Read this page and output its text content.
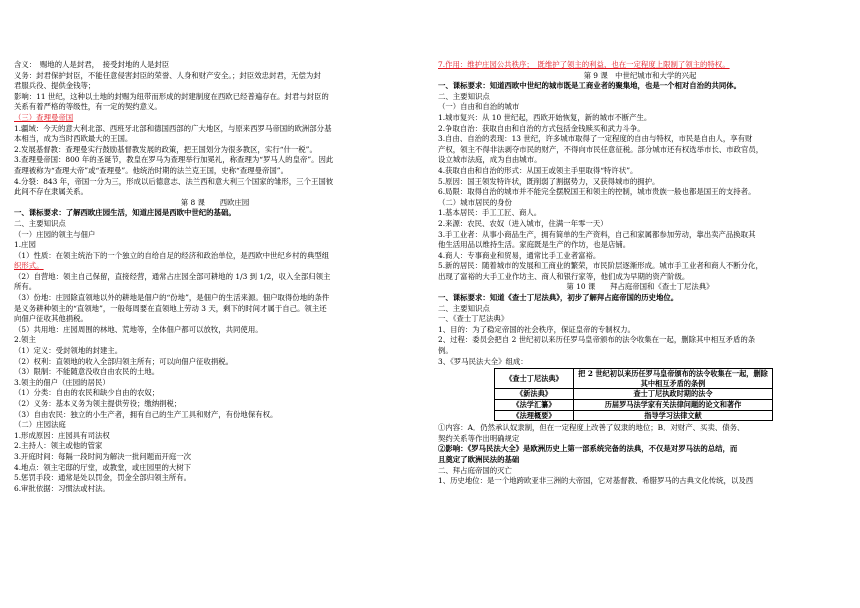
含义：　赐地的人是封君，　接受封地的人是封臣
义务：封君保护封臣，不能任意侵害封臣的荣誉、人身和财产安全。；封臣效忠封君，无偿为封
君服兵役、提供金钱等；
影响：11 世纪，这种以土地的封赐为纽带而形成的封建制度在西欧已经普遍存在。封君与封臣的
关系有着严格的等级性，有一定的契约意义。
（三）查理曼帝国
1.疆域：今天的意大利北部、西班牙北部和德国西部的广大地区，与原来西罗马帝国的欧洲部分基
本相当，成为当时西欧最大的王国。
2.发展基督教：查理曼实行鼓励基督教发展的政策，把王国划分为很多教区，实行“什一税”。
3.查理曼帝国：800 年的圣诞节，教皇在罗马为查理举行加冕礼，称查理为“罗马人的皇帝”。因此
查理被称为“查理大帝”或“查理曼”。他统治时期的法兰克王国，史称“查理曼帝国”。
4.分裂：843 年，帝国一分为三，形成以后德意志、法兰西和意大利三个国家的雏形，三个王国彼
此间不存在隶属关系。
第 8 课　　西欧庄园
一、课标要求：了解西欧庄园生活，知道庄园是西欧中世纪的基础。
二、主要知识点
（一）庄园的领主与佃户
1.庄园
（1）性质：在领主统治下的一个独立的自给自足的经济和政治单位，是西欧中世纪乡村的典型组
织形式。
（2）自营地：领主自己保留，直接经营，通常占庄园全部可耕地的 1/3 到 1/2，収入全部归领主
所有。
（3）份地：庄园除直领地以外的耕地是佃户的“份地”，是佃户的生活来源。佃户取得份地的条件
是义务耕种领主的“直领地”，一般每周要在直领地上劳动 3 天，剩下的时间才属于自己。领主还
向佃户征收其他捐税。
（5）共用地：庄园周围的林地、荒地等，全体佃户都可以放牧，共同使用。
2.领主
（1）定义：受封领地的封建主。
（2）权利：直领地的收入全部归领主所有；可以向佃户征收捐税。
（3）限制：不能随意没收自由农民的土地。
3.领主的佃户（庄园的居民）
（1）分类：自由的农民和缺少自由的农奴；
（2）义务：基本义务为领主提供劳役；缴纳捐税；
（3）自由农民：独立的小生产者，拥有自己的生产工具和财产，有份地保有权。
（二）庄园法庭
1.形成原因：庄园具有司法权
2.主持人：领主或他的管家
3.开庭时间：每隔一段时间为解决一批问题而开庭一次
4.地点：领主宅邸的厅堂，或教堂，或庄园里的大树下
5.惩罚手段：通常是处以罚金，罚金全部归领主所有。
6.审批依据：习惯法或村法。
7.作用：维护庄园公共秩序；　既维护了领主的利益，也在一定程度上限制了领主的特权。
第 9 课　中世纪城市和大学的兴起
一、课标要求：知道西欧中世纪的城市既是工商业者的聚集地，也是一个相对自治的共同体。
二、主要知识点
（一）自由和自治的城市
1.城市复兴：从 10 世纪起，西欧开始恢复，新的城市不断产生。
2.争取自治：获取自由和自治的方式包括金钱赎买和武力斗争。
3.自由、自治的表现：13 世纪，许多城市取得了一定程度的自由与特权，市民是自由人，享有财
产权，领主不得非法剥夺市民的财产，不得向市民任意征税。部分城市还有权选举市长、市政官员，
设立城市法庭，成为自由城市。
4.获取自由和自治的形式：从国王或领主手里取得“特许状”。
5.原因：国王领发特许状，既削弱了割据势力，又获得城市的拥护。
6.局限：取得自治的城市并不能完全摆脱国王和领主的控制，城市贵族一般也都是国王的支持者。
（二）城市居民的身份
1.基本居民：手工工匠、商人。
2.来源：农民、农奴（进入城市，住满一年零一天）
3.手工业者：从事小商品生产，拥有简单的生产资料，自己和家属都参加劳动，靠出卖产品换取其
他生活用品以维持生活。家庭既是生产的作坊，也是店铺。
4.商人：专事商业和贸易，通常比手工业者富裕。
5.新的居民：随着城市的发展和工商业的繁荣，市民阶层逐渐形成。城市手工业者和商人不断分化，
出现了富裕的大手工业作坊主、商人和银行家等，他们成为早期的资产阶级。
第 10 课　　拜占庭帝国和《查士丁尼法典》
一、课标要求：知道《查士丁尼法典》，初步了解拜占庭帝国的历史地位。
二、主要知识点
一、《查士丁尼法典》
1、目的：为了稳定帝国的社会秩序，保证皇帝的专制权力。
2、过程：委员会把自 2 世纪初以来历任罗马皇帝颁布的法令收集在一起，删除其中相互矛盾的条
例。
3、《罗马民法大全》组成：
《查士丁尼法典》	把 2 世纪初以来历任罗马皇帝颁布的法令收集在一起，删除其中相互矛盾的条例
《新法典》	查士丁尼执政时期的法令
《法学汇纂》	历届罗马法学家有关法律问题的论文和著作
《法理概要》	指导学习法律文献
①内容：A．仍然承认奴隶制，但在一定程度上改善了奴隶的地位；B．对财产、买卖、债务、
契约关系等作出明确规定
②影响：《罗马民法大全》是欧洲历史上第一部系统完备的法典，不仅是对罗马法的总结，而
且奠定了欧洲民法的基础
二、拜占庭帝国的灭亡
1、历史地位：是一个地跨欧亚非三洲的大帝国，它对基督教、希腊罗马的古典文化传统，以及西
